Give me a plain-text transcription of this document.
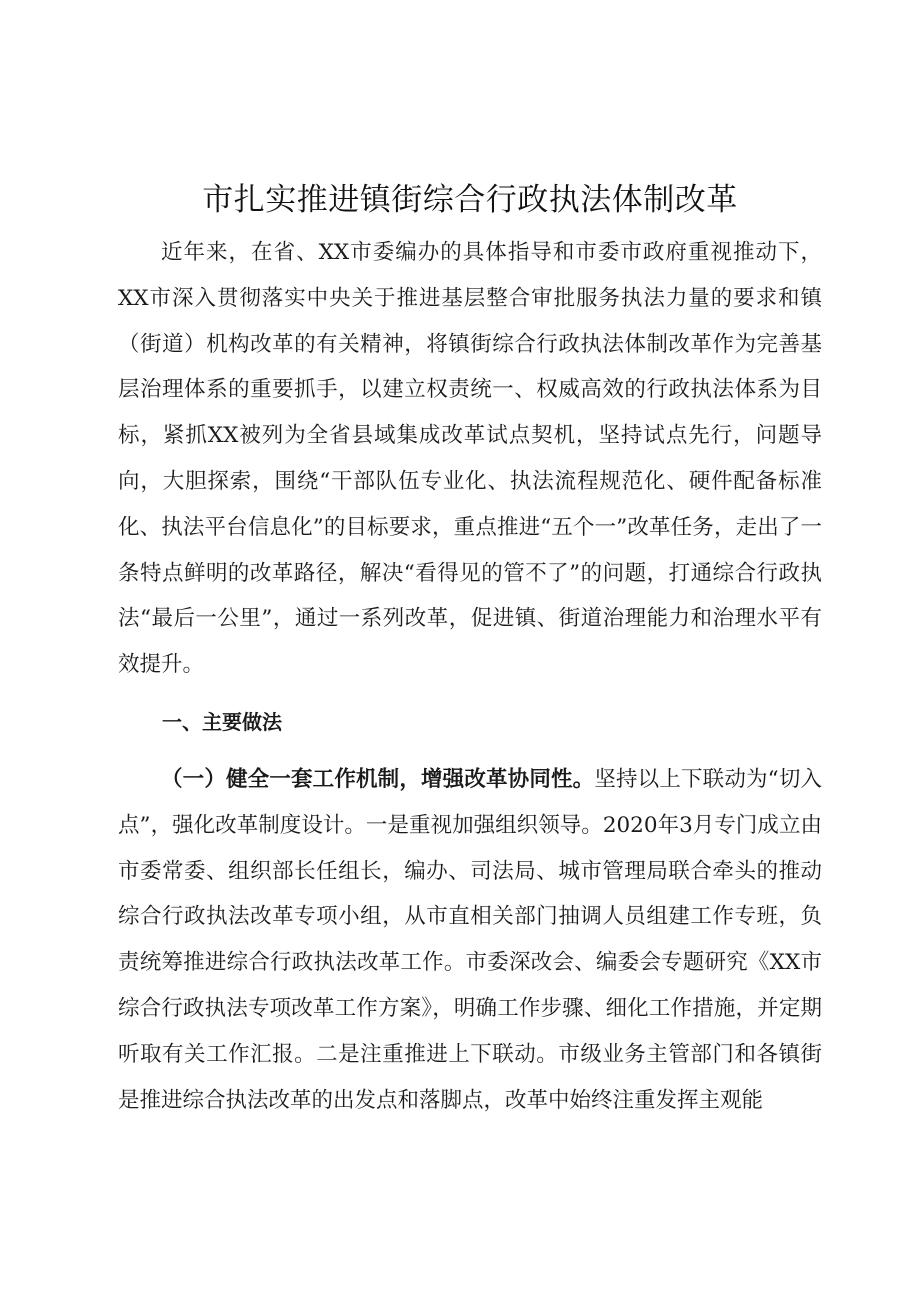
市扎实推进镇街综合行政执法体制改革

近年来，在省、XX市委编办的具体指导和市委市政府重视推动下，XX市深入贯彻落实中央关于推进基层整合审批服务执法力量的要求和镇（街道）机构改革的有关精神，将镇街综合行政执法体制改革作为完善基层治理体系的重要抓手，以建立权责统一、权威高效的行政执法体系为目标，紧抓XX被列为全省县域集成改革试点契机，坚持试点先行，问题导向，大胆探索，围绕“干部队伍专业化、执法流程规范化、硬件配备标准化、执法平台信息化”的目标要求，重点推进“五个一”改革任务，走出了一条特点鲜明的改革路径，解决“看得见的管不了”的问题，打通综合行政执法“最后一公里”，通过一系列改革，促进镇、街道治理能力和治理水平有效提升。

一、主要做法

（一）健全一套工作机制，增强改革协同性。坚持以上下联动为“切入点”，强化改革制度设计。一是重视加强组织领导。2020年3月专门成立由市委常委、组织部长任组长，编办、司法局、城市管理局联合牵头的推动综合行政执法改革专项小组，从市直相关部门抽调人员组建工作专班，负责统筹推进综合行政执法改革工作。市委深改会、编委会专题研究《XX市综合行政执法专项改革工作方案》，明确工作步骤、细化工作措施，并定期听取有关工作汇报。二是注重推进上下联动。市级业务主管部门和各镇街是推进综合执法改革的出发点和落脚点，改革中始终注重发挥主观能
